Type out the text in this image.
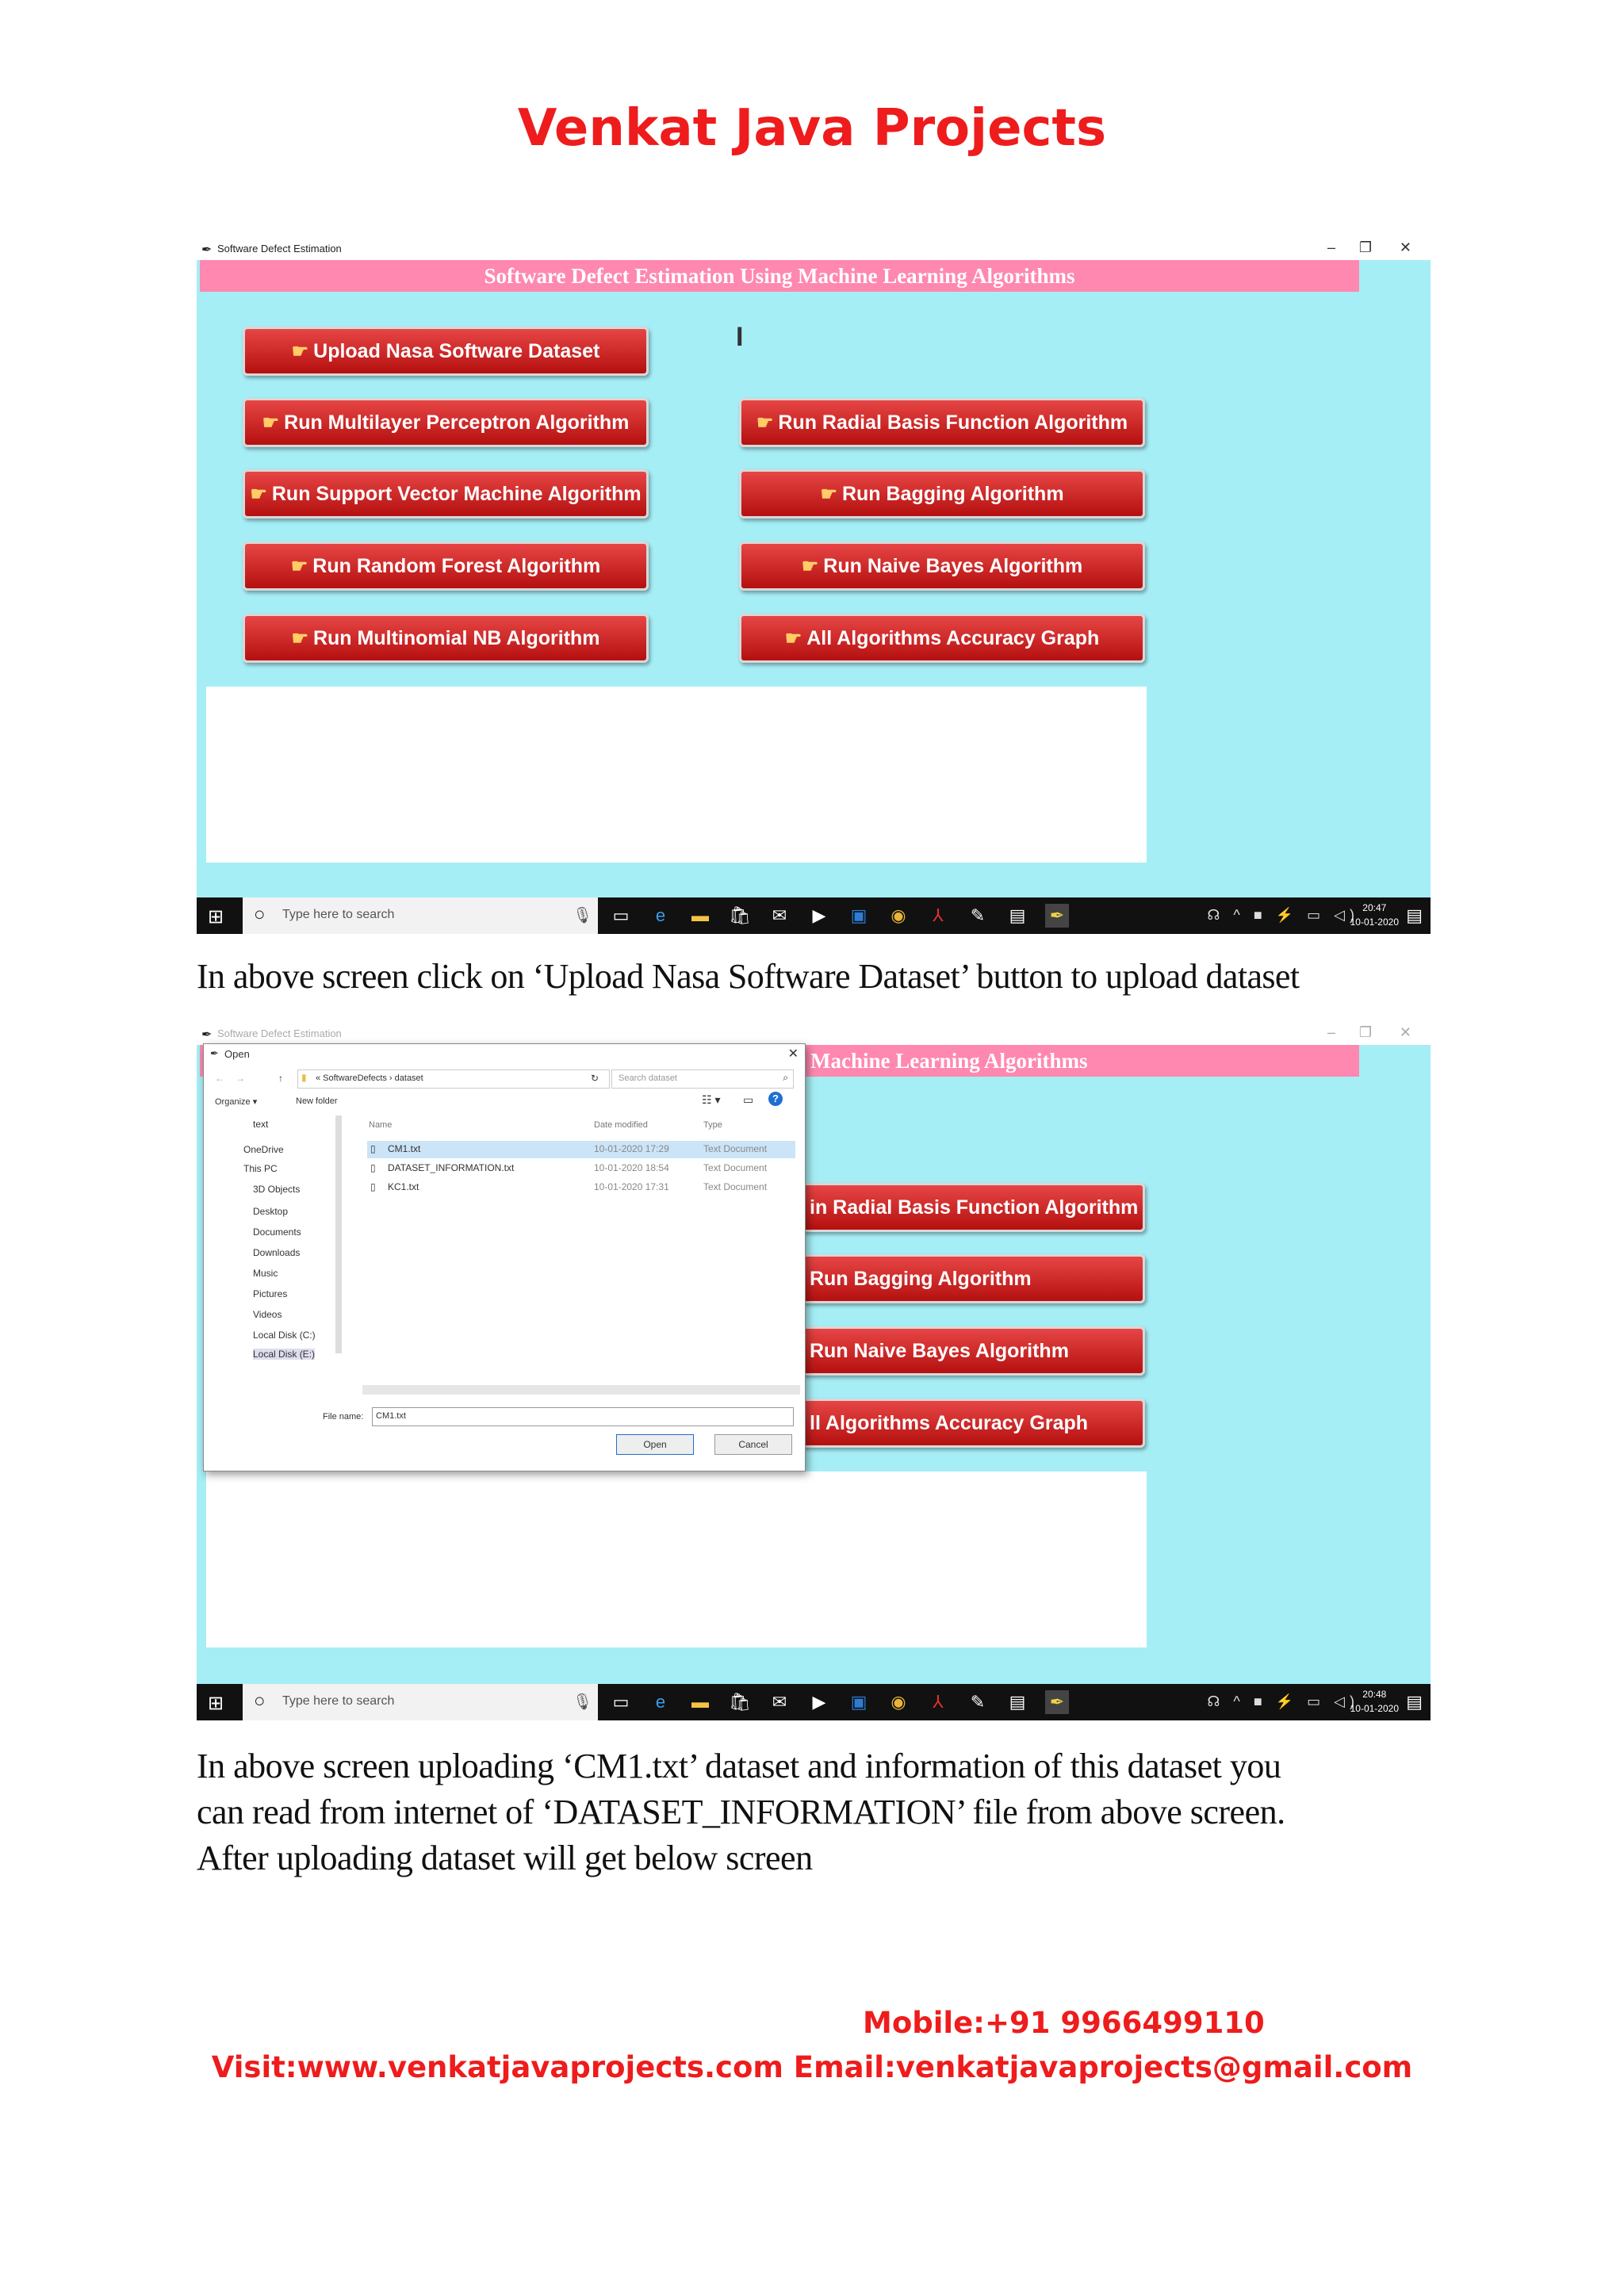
Venkat Java Projects
✒ Software Defect Estimation	– ❐ ✕
Software Defect Estimation Using Machine Learning Algorithms
I
☛ Upload Nasa Software Dataset
☛ Run Multilayer Perceptron Algorithm
☛ Run Support Vector Machine Algorithm
☛ Run Random Forest Algorithm
☛ Run Multinomial NB Algorithm
☛ Run Radial Basis Function Algorithm
☛ Run Bagging Algorithm
☛ Run Naive Bayes Algorithm
☛ All Algorithms Accuracy Graph
⊞ ○ Type here to search	🎙 ▭	e	▬ 🛍 ✉ ▶ ▣ ◉	⅄	✎ ▤ ✒	☊ ^ ■ ⚡ ▭ ◁) 20:47
10-01-2020 ▤
In above screen click on ‘Upload Nasa Software Dataset’ button to upload dataset
✒ Software Defect Estimation	– ❐ ✕
Machine Learning Algorithms
in Radial Basis Function Algorithm
Run Bagging Algorithm
Run Naive Bayes Algorithm
ll Algorithms Accuracy Graph
✒ Open	✕
← →	↑ ▮ « SoftwareDefects › dataset	↻ Search dataset	⌕
Organize ▾	New folder	☷ ▾ ▭	?
text
OneDrive
This PC
3D Objects
Desktop
Documents
Downloads
Music
Pictures
Videos
Local Disk (C:)
Local Disk (E:)
Name	Date modified	Type
▯ CM1.txt	10-01-2020 17:29	Text Document
▯ DATASET_INFORMATION.txt	10-01-2020 18:54	Text Document
▯ KC1.txt	10-01-2020 17:31	Text Document
File name: CM1.txt
Open	Cancel
⊞ ○ Type here to search	🎙 ▭	e	▬ 🛍 ✉ ▶ ▣ ◉	⅄	✎ ▤ ✒	☊ ^ ■ ⚡ ▭ ◁) 20:48
10-01-2020 ▤
In above screen uploading ‘CM1.txt’ dataset and information of this dataset you
can read from internet of ‘DATASET_INFORMATION’ file from above screen.
After uploading dataset will get below screen
Mobile:+91 9966499110
Visit:www.venkatjavaprojects.com Email:venkatjavaprojects@gmail.com
